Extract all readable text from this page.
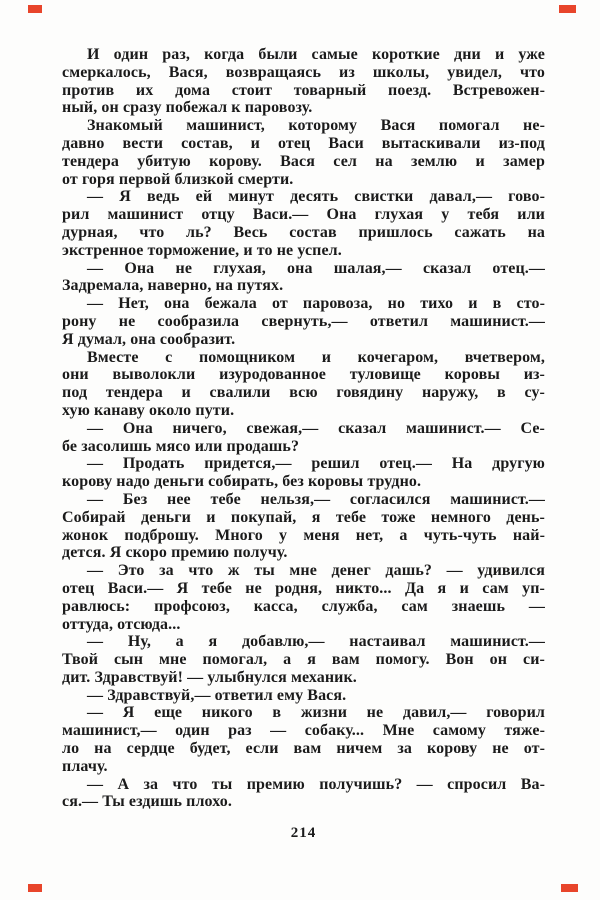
И один раз, когда были самые короткие дни и уже
смеркалось, Вася, возвращаясь из школы, увидел, что
против их дома стоит товарный поезд. Встревожен-
ный, он сразу побежал к паровозу.
Знакомый машинист, которому Вася помогал не-
давно вести состав, и отец Васи вытаскивали из-под
тендера убитую корову. Вася сел на землю и замер
от горя первой близкой смерти.
— Я ведь ей минут десять свистки давал,— гово-
рил машинист отцу Васи.— Она глухая у тебя или
дурная, что ль? Весь состав пришлось сажать на
экстренное торможение, и то не успел.
— Она не глухая, она шалая,— сказал отец.—
Задремала, наверно, на путях.
— Нет, она бежала от паровоза, но тихо и в сто-
рону не сообразила свернуть,— ответил машинист.—
Я думал, она сообразит.
Вместе с помощником и кочегаром, вчетвером,
они выволокли изуродованное туловище коровы из-
под тендера и свалили всю говядину наружу, в су-
хую канаву около пути.
— Она ничего, свежая,— сказал машинист.— Се-
бе засолишь мясо или продашь?
— Продать придется,— решил отец.— На другую
корову надо деньги собирать, без коровы трудно.
— Без нее тебе нельзя,— согласился машинист.—
Собирай деньги и покупай, я тебе тоже немного день-
жонок подброшу. Много у меня нет, а чуть-чуть най-
дется. Я скоро премию получу.
— Это за что ж ты мне денег дашь? — удивился
отец Васи.— Я тебе не родня, никто... Да я и сам уп-
равлюсь: профсоюз, касса, служба, сам знаешь —
оттуда, отсюда...
— Ну, а я добавлю,— настаивал машинист.—
Твой сын мне помогал, а я вам помогу. Вон он си-
дит. Здравствуй! — улыбнулся механик.
— Здравствуй,— ответил ему Вася.
— Я еще никого в жизни не давил,— говорил
машинист,— один раз — собаку... Мне самому тяже-
ло на сердце будет, если вам ничем за корову не от-
плачу.
— А за что ты премию получишь? — спросил Ва-
ся.— Ты ездишь плохо.
214
